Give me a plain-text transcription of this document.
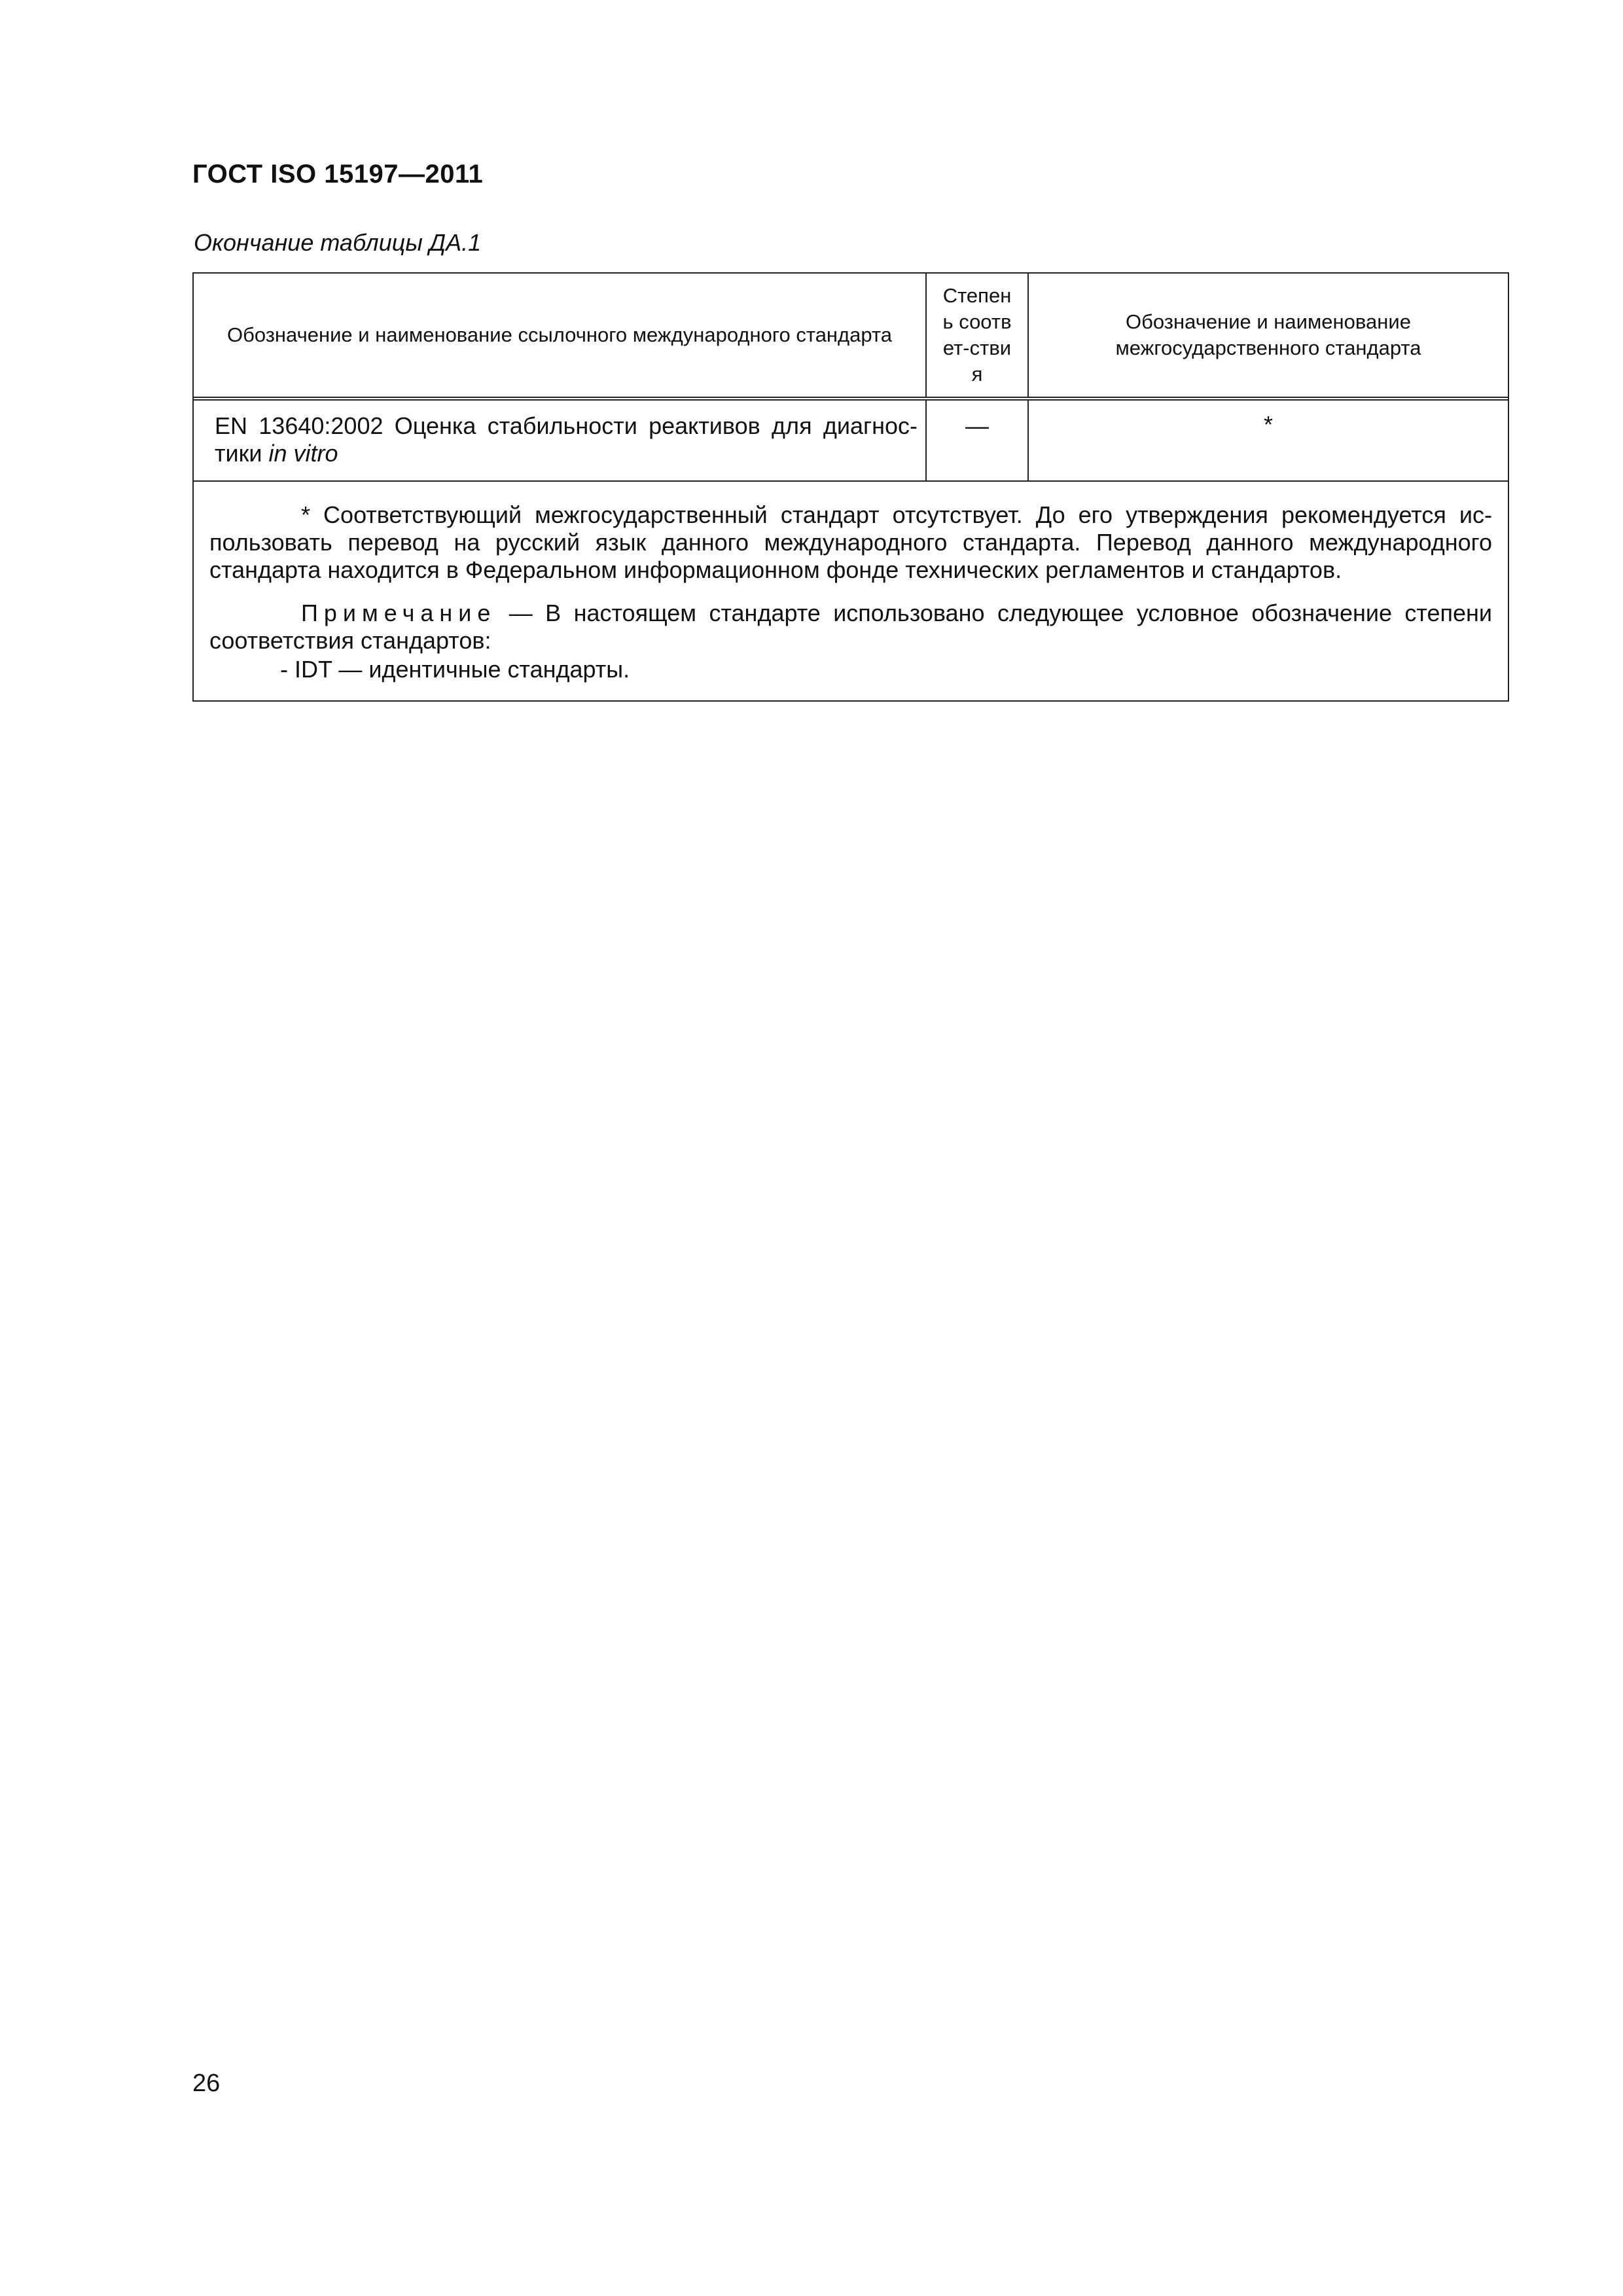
ГОСТ ISO 15197—2011
Окончание таблицы ДА.1
Обозначение и наименование ссылочного международного стандарта
Степень соответ-ствия
Обозначение и наименование межгосударственного стандарта
EN 13640:2002 Оценка стабильности реактивов для диагнос-тики in vitro
—	*

* Соответствующий межгосударственный стандарт отсутствует. До его утверждения рекомендуется ис-пользовать перевод на русский язык данного международного стандарта. Перевод данного международного стандарта находится в Федеральном информационном фонде технических регламентов и стандартов.

Примечание — В настоящем стандарте использовано следующее условное обозначение степени соответствия стандартов:

- IDT — идентичные стандарты.
26
